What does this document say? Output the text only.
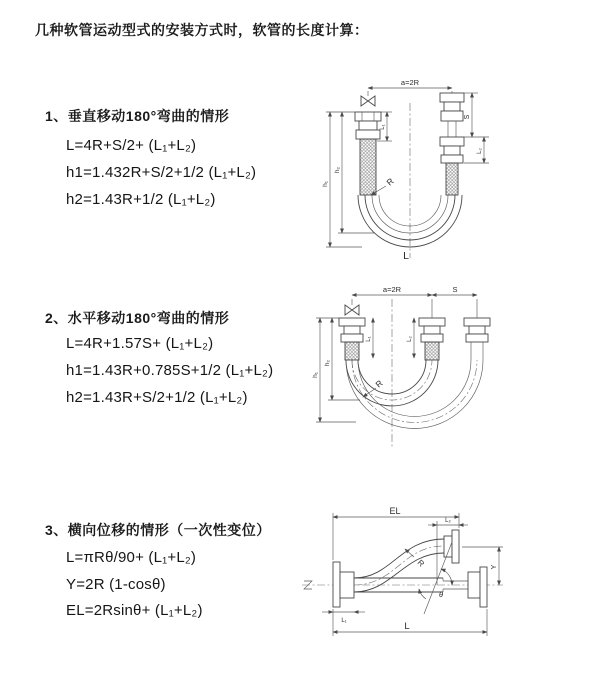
几种软管运动型式的安装方式时，软管的长度计算：
1、垂直移动180°弯曲的情形
L=4R+S/2+ (L₁+L₂)
h1=1.432R+S/2+1/2 (L₁+L₂)
h2=1.43R+1/2 (L₁+L₂)
2、水平移动180°弯曲的情形
L=4R+1.57S+ (L₁+L₂)
h1=1.43R+0.785S+1/2 (L₁+L₂)
h2=1.43R+S/2+1/2 (L₁+L₂)
3、横向位移的情形（一次性变位）
L=πRθ/90+ (L₁+L₂)
Y=2R (1-cosθ)
EL=2Rsinθ+ (L₁+L₂)
a=2R
L₁
S
L₂
h₁
h₂
R
L
a=2R	S
L₁	L₂
h₁
h₂
R
EL
L₂
Y
R
θ
L₁	L
